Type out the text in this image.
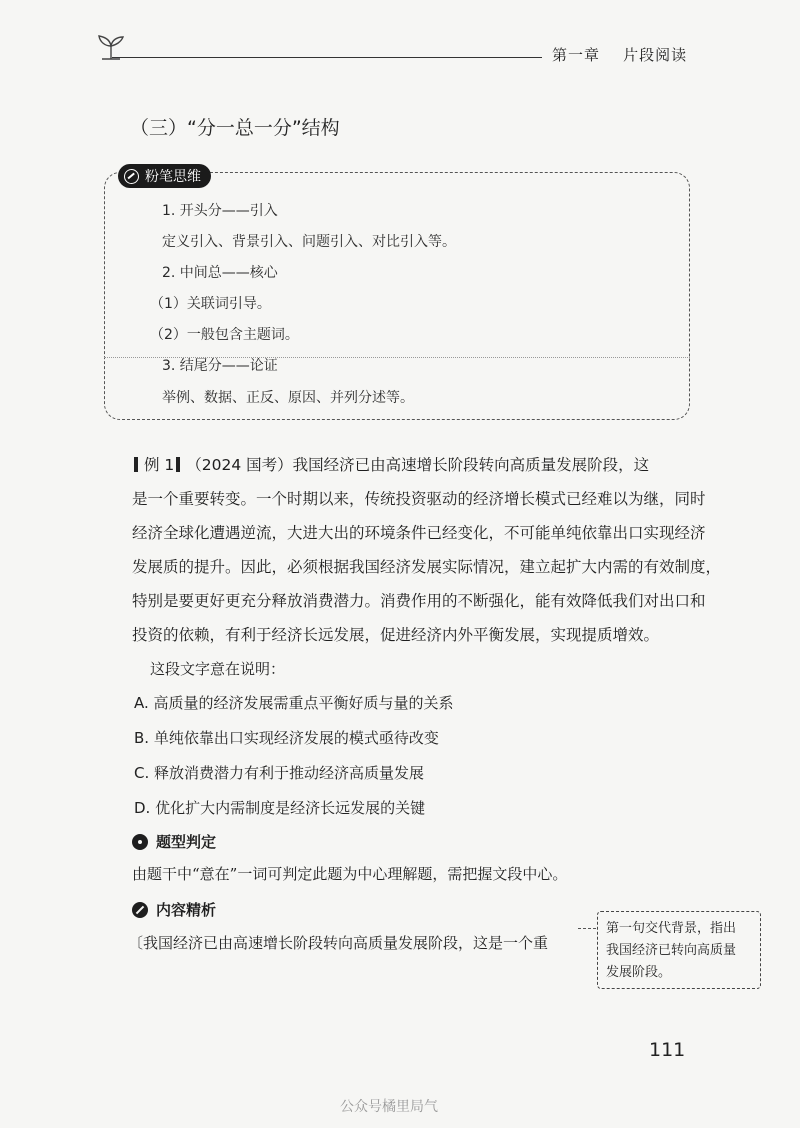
第一章 片段阅读
（三）“分一总一分”结构
粉笔思维
1. 开头分——引入
定义引入、背景引入、问题引入、对比引入等。
2. 中间总——核心
（1）关联词引导。
（2）一般包含主题词。
3. 结尾分——论证
举例、数据、正反、原因、并列分述等。
例 1 （2024 国考）我国经济已由高速增长阶段转向高质量发展阶段，这
是一个重要转变。一个时期以来，传统投资驱动的经济增长模式已经难以为继，同时
经济全球化遭遇逆流，大进大出的环境条件已经变化，不可能单纯依靠出口实现经济
发展质的提升。因此，必须根据我国经济发展实际情况，建立起扩大内需的有效制度，
特别是要更好更充分释放消费潜力。消费作用的不断强化，能有效降低我们对出口和
投资的依赖，有利于经济长远发展，促进经济内外平衡发展，实现提质增效。
这段文字意在说明：
A. 高质量的经济发展需重点平衡好质与量的关系
B. 单纯依靠出口实现经济发展的模式亟待改变
C. 释放消费潜力有利于推动经济高质量发展
D. 优化扩大内需制度是经济长远发展的关键
题型判定
由题干中“意在”一词可判定此题为中心理解题，需把握文段中心。
内容精析
〔我国经济已由高速增长阶段转向高质量发展阶段，这是一个重
第一句交代背景，指出
我国经济已转向高质量
发展阶段。
111
公众号橘里局气
